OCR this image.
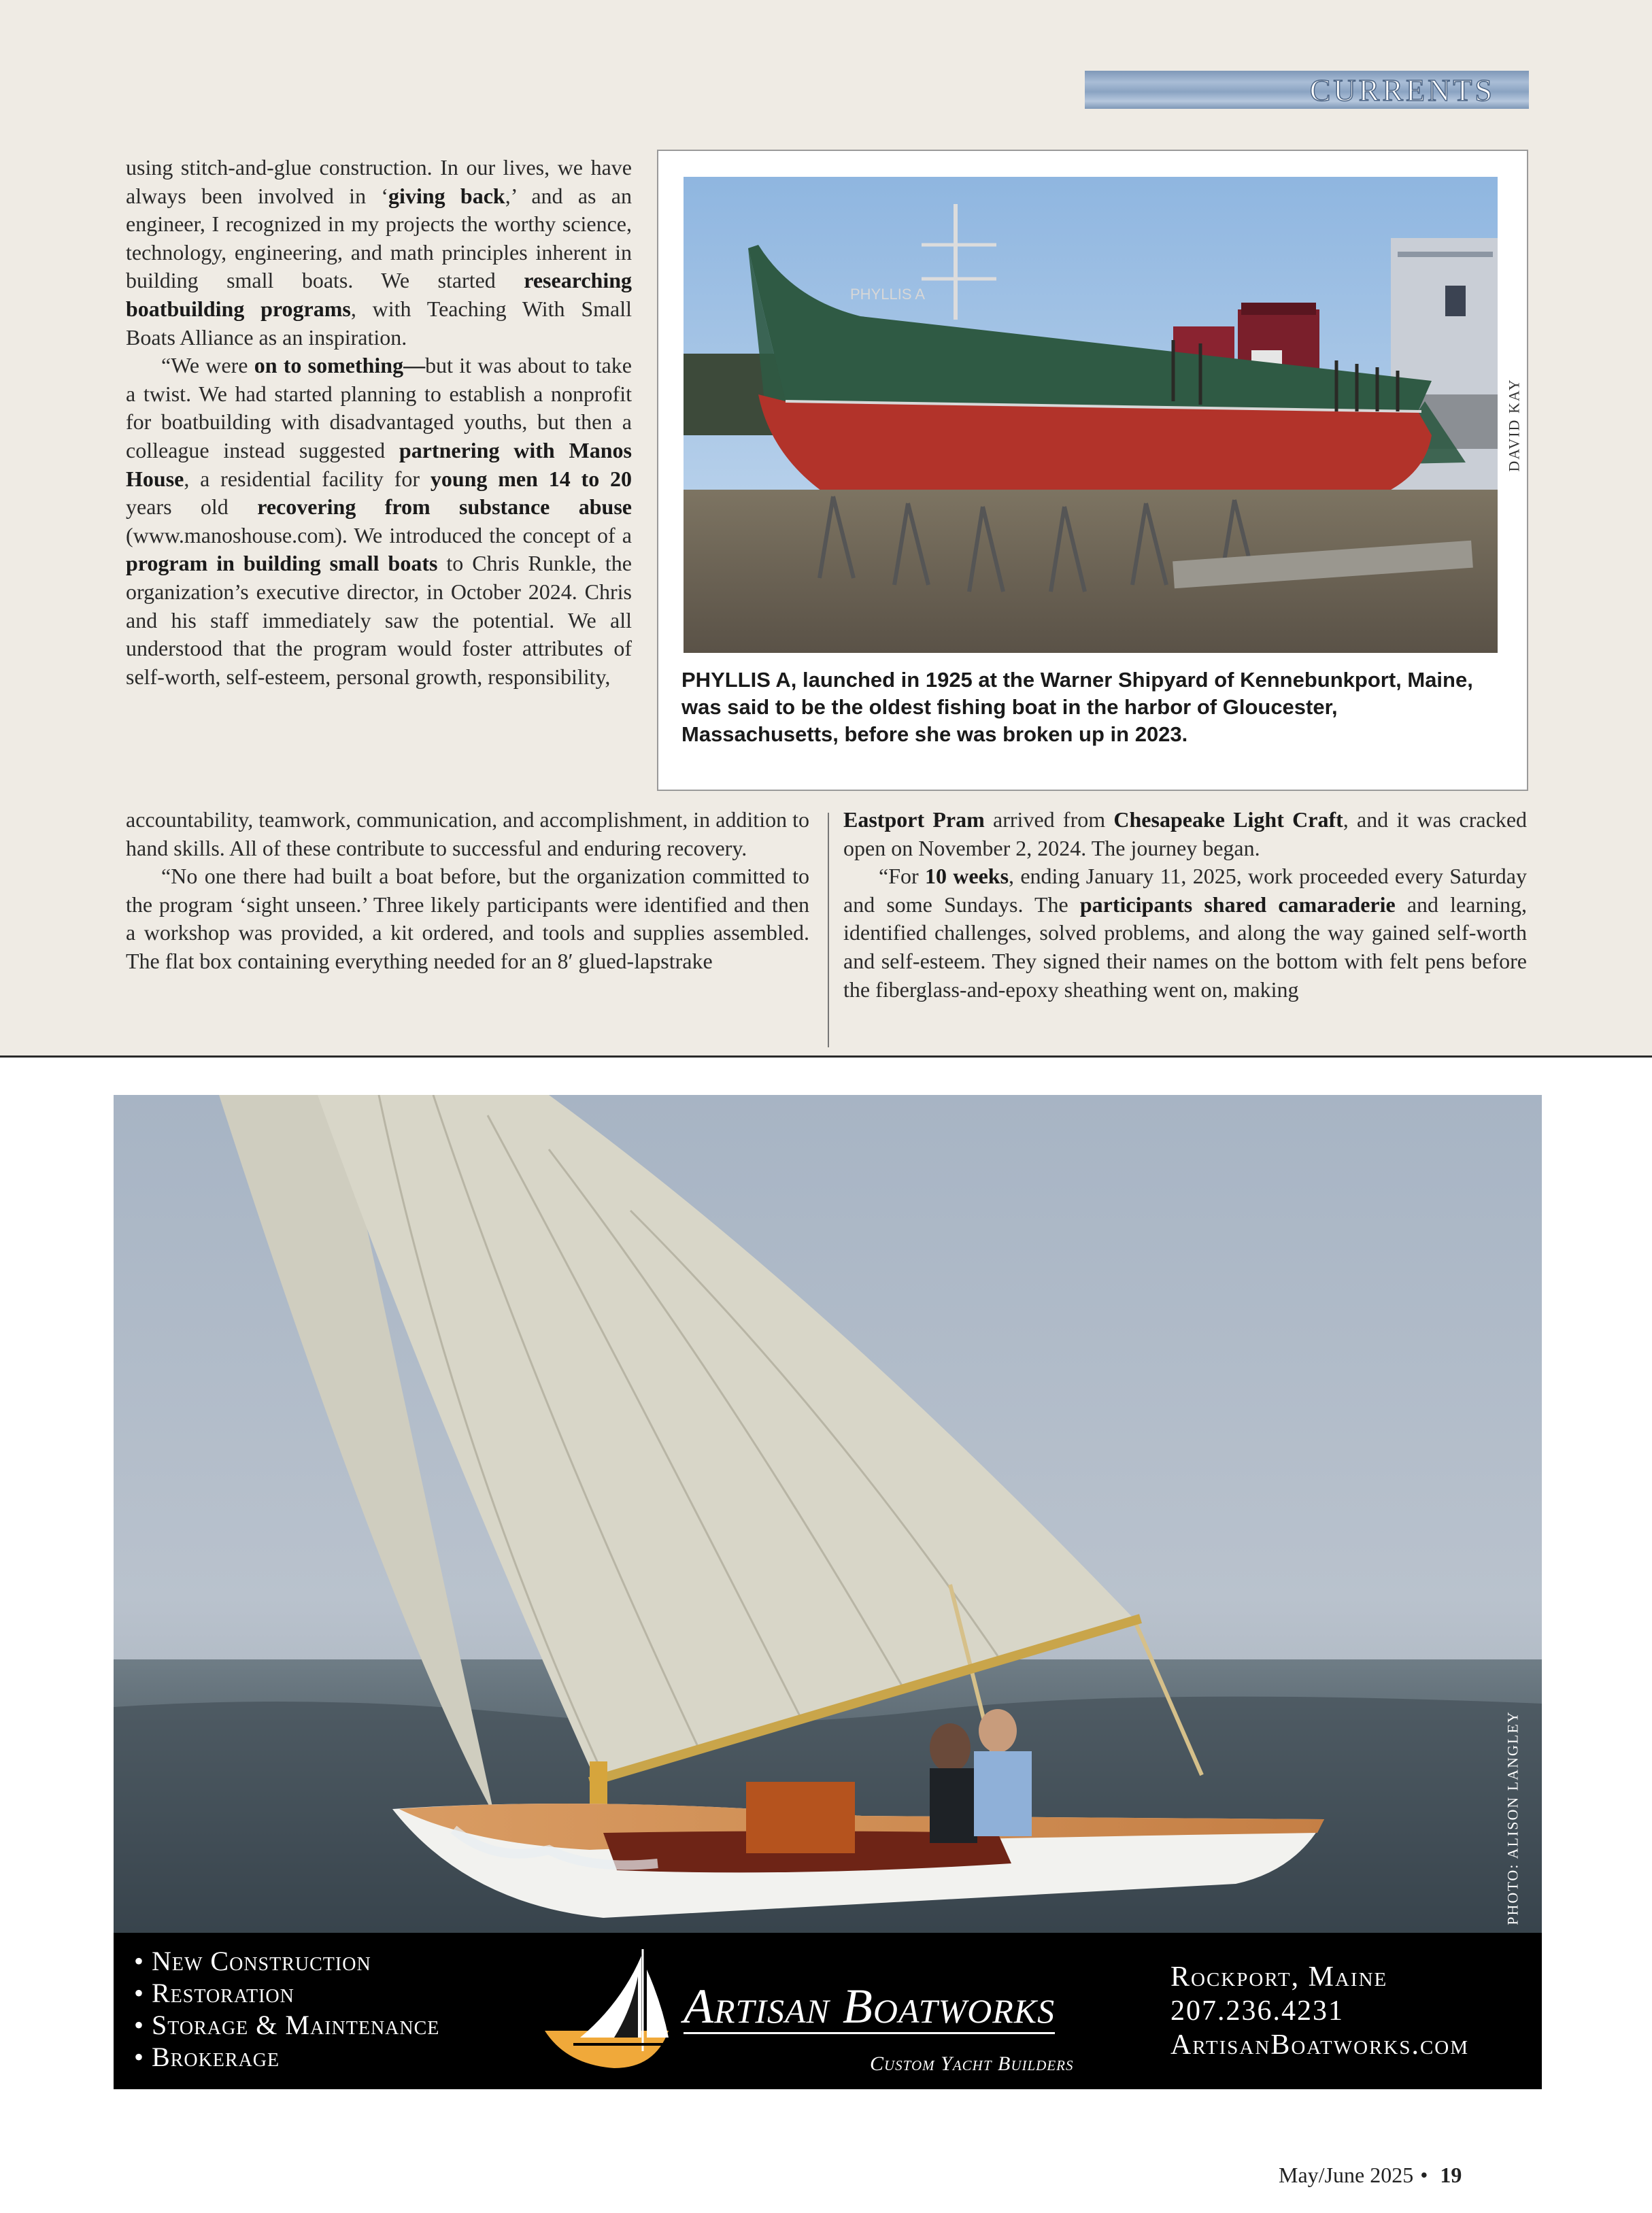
CURRENTS

using stitch-and-glue construction. In our lives, we have always been involved in ‘giving back,’ and as an engineer, I recognized in my projects the worthy science, technology, engineering, and math principles inherent in building small boats. We started researching boatbuilding programs, with Teaching With Small Boats Alliance as an inspiration.

“We were on to something—but it was about to take a twist. We had started planning to establish a nonprofit for boatbuilding with disadvantaged youths, but then a colleague instead suggested partnering with Manos House, a residential facility for young men 14 to 20 years old recovering from substance abuse (www.manoshouse.com). We introduced the concept of a program in building small boats to Chris Runkle, the organization’s executive director, in October 2024. Chris and his staff immediately saw the potential. We all understood that the program would foster attributes of self-worth, self-esteem, personal growth, responsibility,

PHYLLIS A
DAVID KAY
PHYLLIS A, launched in 1925 at the Warner Shipyard of Kennebunkport, Maine, was said to be the oldest fishing boat in the harbor of Gloucester, Massachusetts, before she was broken up in 2023.

accountability, teamwork, communication, and accomplishment, in addition to hand skills. All of these contribute to successful and enduring recovery.

“No one there had built a boat before, but the organization committed to the program ‘sight unseen.’ Three likely participants were identified and then a workshop was provided, a kit ordered, and tools and supplies assembled. The flat box containing everything needed for an 8′ glued-lapstrake

Eastport Pram arrived from Chesapeake Light Craft, and it was cracked open on November 2, 2024. The journey began.

“For 10 weeks, ending January 11, 2025, work proceeded every Saturday and some Sundays. The participants shared camaraderie and learning, identified challenges, solved problems, and along the way gained self-worth and self-esteem. They signed their names on the bottom with felt pens before the fiberglass-and-epoxy sheathing went on, making

PHOTO: ALISON LANGLEY
• New Construction
• Restoration
• Storage & Maintenance
• Brokerage
Artisan Boatworks
Custom Yacht Builders
Rockport, Maine
207.236.4231
ArtisanBoatworks.com
May/June 2025 • 19
